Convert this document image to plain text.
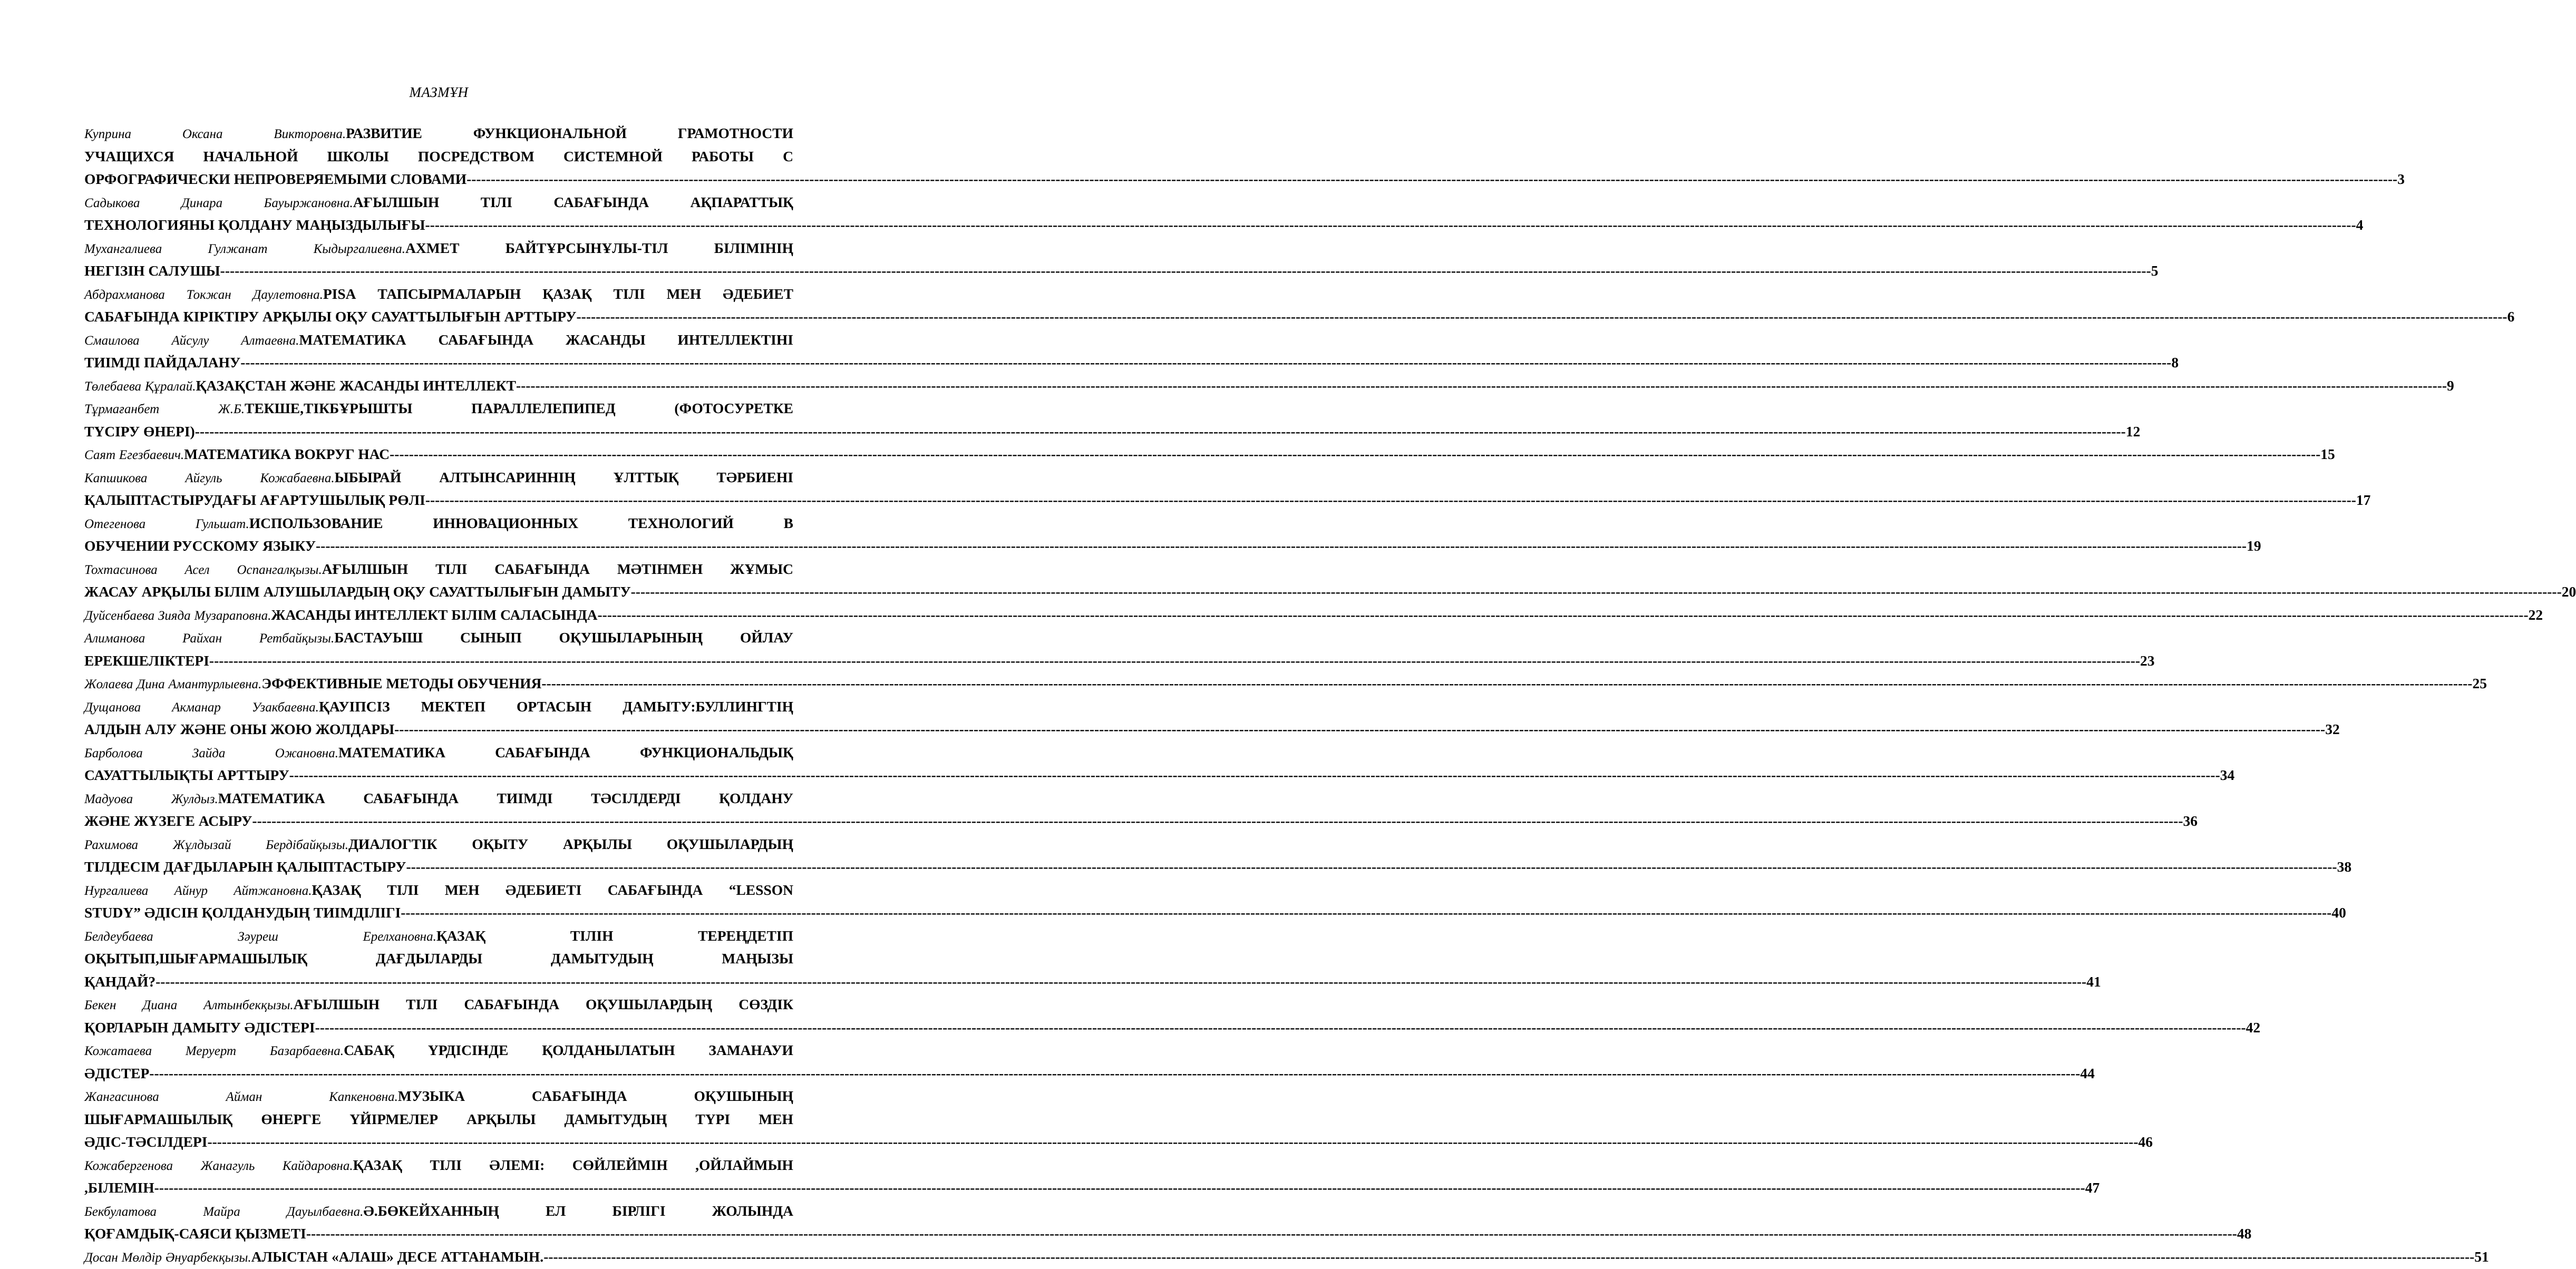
МАЗМҰН
Куприна	Оксана	Викторовна.РАЗВИТИЕ	ФУНКЦИОНАЛЬНОЙ	ГРАМОТНОСТИ
УЧАЩИХСЯ НАЧАЛЬНОЙ ШКОЛЫ ПОСРЕДСТВОМ СИСТЕМНОЙ РАБОТЫ С
ОРФОГРАФИЧЕСКИ НЕПРОВЕРЯЕМЫМИ СЛОВАМИ ---------------------------------------------------------------------------------------------------------------------------------------------------------------------------------------------------------------------------------------------------------------------------------------------------------------------------------------------------------------------------------------------------------------- 3
Садыкова	Динара	Бауыржановна.АҒЫЛШЫН	ТІЛІ	САБАҒЫНДА	АҚПАРАТТЫҚ
ТЕХНОЛОГИЯНЫ ҚОЛДАНУ МАҢЫЗДЫЛЫҒЫ ---------------------------------------------------------------------------------------------------------------------------------------------------------------------------------------------------------------------------------------------------------------------------------------------------------------------------------------------------------------------------------------------------------------- 4
Мухангалиева	Гулжанат	Кыдыргалиевна.АХМЕТ	БАЙТҰРСЫНҰЛЫ-ТІЛ	БІЛІМІНІҢ
НЕГІЗІН САЛУШЫ ---------------------------------------------------------------------------------------------------------------------------------------------------------------------------------------------------------------------------------------------------------------------------------------------------------------------------------------------------------------------------------------------------------------- 5
Абдрахманова Токжан Даулетовна.PISA ТАПСЫРМАЛАРЫН ҚАЗАҚ ТІЛІ МЕН ӘДЕБИЕТ
САБАҒЫНДА КІРІКТІРУ АРҚЫЛЫ ОҚУ САУАТТЫЛЫҒЫН АРТТЫРУ ---------------------------------------------------------------------------------------------------------------------------------------------------------------------------------------------------------------------------------------------------------------------------------------------------------------------------------------------------------------------------------------------------------------- 6
Смаилова Айсулу Алтаевна.МАТЕМАТИКА САБАҒЫНДА ЖАСАНДЫ ИНТЕЛЛЕКТІНІ
ТИІМДІ ПАЙДАЛАНУ ---------------------------------------------------------------------------------------------------------------------------------------------------------------------------------------------------------------------------------------------------------------------------------------------------------------------------------------------------------------------------------------------------------------- 8
Төлебаева Құралай.ҚАЗАҚСТАН ЖӘНЕ ЖАСАНДЫ ИНТЕЛЛЕКТ ---------------------------------------------------------------------------------------------------------------------------------------------------------------------------------------------------------------------------------------------------------------------------------------------------------------------------------------------------------------------------------------------------------------- 9
Тұрмағанбет	Ж.Б.ТЕКШЕ,ТІКБҰРЫШТЫ	ПАРАЛЛЕЛЕПИПЕД	(ФОТОСУРЕТКЕ
ТҮСІРУ ӨНЕРІ) ---------------------------------------------------------------------------------------------------------------------------------------------------------------------------------------------------------------------------------------------------------------------------------------------------------------------------------------------------------------------------------------------------------------- 12
Саят Егезбаевич.МАТЕМАТИКА ВОКРУГ НАС ---------------------------------------------------------------------------------------------------------------------------------------------------------------------------------------------------------------------------------------------------------------------------------------------------------------------------------------------------------------------------------------------------------------- 15
Капшикова	Айгуль	Кожабаевна.ЫБЫРАЙ	АЛТЫНСАРИННІҢ	ҰЛТТЫҚ	ТӘРБИЕНІ
ҚАЛЫПТАСТЫРУДАҒЫ АҒАРТУШЫЛЫҚ РӨЛІ ---------------------------------------------------------------------------------------------------------------------------------------------------------------------------------------------------------------------------------------------------------------------------------------------------------------------------------------------------------------------------------------------------------------- 17
Отегенова	Гульшат.ИСПОЛЬЗОВАНИЕ	ИННОВАЦИОННЫХ	ТЕХНОЛОГИЙ	В
ОБУЧЕНИИ РУССКОМУ ЯЗЫКУ ---------------------------------------------------------------------------------------------------------------------------------------------------------------------------------------------------------------------------------------------------------------------------------------------------------------------------------------------------------------------------------------------------------------- 19
Тохтасинова Асел Оспангалқызы.АҒЫЛШЫН ТІЛІ САБАҒЫНДА МӘТІНМЕН ЖҰМЫС
ЖАСАУ АРҚЫЛЫ БІЛІМ АЛУШЫЛАРДЫҢ ОҚУ САУАТТЫЛЫҒЫН ДАМЫТУ ---------------------------------------------------------------------------------------------------------------------------------------------------------------------------------------------------------------------------------------------------------------------------------------------------------------------------------------------------------------------------------------------------------------- 20
Дуйсенбаева Зияда Музараповна.ЖАСАНДЫ ИНТЕЛЛЕКТ БІЛІМ САЛАСЫНДА ---------------------------------------------------------------------------------------------------------------------------------------------------------------------------------------------------------------------------------------------------------------------------------------------------------------------------------------------------------------------------------------------------------------- 22
Алиманова	Райхан	Ретбайқызы.БАСТАУЫШ	СЫНЫП	ОҚУШЫЛАРЫНЫҢ	ОЙЛАУ
ЕРЕКШЕЛІКТЕРІ ---------------------------------------------------------------------------------------------------------------------------------------------------------------------------------------------------------------------------------------------------------------------------------------------------------------------------------------------------------------------------------------------------------------- 23
Жолаева Дина Амантурлыевна.ЭФФЕКТИВНЫЕ МЕТОДЫ ОБУЧЕНИЯ ---------------------------------------------------------------------------------------------------------------------------------------------------------------------------------------------------------------------------------------------------------------------------------------------------------------------------------------------------------------------------------------------------------------- 25
Дущанова Акманар Узакбаевна.ҚАУІПСІЗ МЕКТЕП ОРТАСЫН ДАМЫТУ:БУЛЛИНГТІҢ
АЛДЫН АЛУ ЖӘНЕ ОНЫ ЖОЮ ЖОЛДАРЫ ---------------------------------------------------------------------------------------------------------------------------------------------------------------------------------------------------------------------------------------------------------------------------------------------------------------------------------------------------------------------------------------------------------------- 32
Барболова	Зайда	Ожановна.МАТЕМАТИКА	САБАҒЫНДА	ФУНКЦИОНАЛЬДЫҚ
САУАТТЫЛЫҚТЫ АРТТЫРУ ---------------------------------------------------------------------------------------------------------------------------------------------------------------------------------------------------------------------------------------------------------------------------------------------------------------------------------------------------------------------------------------------------------------- 34
Мадуова	Жулдыз.МАТЕМАТИКА	САБАҒЫНДА	ТИІМДІ	ТӘСІЛДЕРДІ	ҚОЛДАНУ
ЖӘНЕ ЖҮЗЕГЕ АСЫРУ ---------------------------------------------------------------------------------------------------------------------------------------------------------------------------------------------------------------------------------------------------------------------------------------------------------------------------------------------------------------------------------------------------------------- 36
Рахимова	Жұлдызай	Бердібайқызы.ДИАЛОГТІК ОҚЫТУ АРҚЫЛЫ ОҚУШЫЛАРДЫҢ
ТІЛДЕСІМ ДАҒДЫЛАРЫН ҚАЛЫПТАСТЫРУ ---------------------------------------------------------------------------------------------------------------------------------------------------------------------------------------------------------------------------------------------------------------------------------------------------------------------------------------------------------------------------------------------------------------- 38
Нургалиева Айнур Айтжановна.ҚАЗАҚ ТІЛІ МЕН ӘДЕБИЕТІ САБАҒЫНДА “LESSON
STUDY” ӘДІСІН ҚОЛДАНУДЫҢ ТИІМДІЛІГІ ---------------------------------------------------------------------------------------------------------------------------------------------------------------------------------------------------------------------------------------------------------------------------------------------------------------------------------------------------------------------------------------------------------------- 40
Белдеубаева	Зәуреш	Ерелхановна.ҚАЗАҚ	ТІЛІН	ТЕРЕҢДЕТІП
ОҚЫТЫП,ШЫҒАРМАШЫЛЫҚ	ДАҒДЫЛАРДЫ	ДАМЫТУДЫҢ	МАҢЫЗЫ
ҚАНДАЙ? ---------------------------------------------------------------------------------------------------------------------------------------------------------------------------------------------------------------------------------------------------------------------------------------------------------------------------------------------------------------------------------------------------------------- 41
Бекен Диана Алтынбекқызы.АҒЫЛШЫН ТІЛІ САБАҒЫНДА ОҚУШЫЛАРДЫҢ СӨЗДІК
ҚОРЛАРЫН ДАМЫТУ ӘДІСТЕРІ ---------------------------------------------------------------------------------------------------------------------------------------------------------------------------------------------------------------------------------------------------------------------------------------------------------------------------------------------------------------------------------------------------------------- 42
Кожатаева	Меруерт	Базарбаевна.САБАҚ ҮРДІСІНДЕ ҚОЛДАНЫЛАТЫН ЗАМАНАУИ
ӘДІСТЕР ---------------------------------------------------------------------------------------------------------------------------------------------------------------------------------------------------------------------------------------------------------------------------------------------------------------------------------------------------------------------------------------------------------------- 44
Жангасинова	Айман	Капкеновна.МУЗЫКА	САБАҒЫНДА	ОҚУШЫНЫҢ
ШЫҒАРМАШЫЛЫҚ ӨНЕРГЕ ҮЙІРМЕЛЕР АРҚЫЛЫ ДАМЫТУДЫҢ ТҮРІ МЕН
ӘДІС-ТӘСІЛДЕРІ ---------------------------------------------------------------------------------------------------------------------------------------------------------------------------------------------------------------------------------------------------------------------------------------------------------------------------------------------------------------------------------------------------------------- 46
Кожабергенова Жанагуль Кайдаровна.ҚАЗАҚ ТІЛІ ӘЛЕМІ: СӨЙЛЕЙМІН ,ОЙЛАЙМЫН
,БІЛЕМІН ---------------------------------------------------------------------------------------------------------------------------------------------------------------------------------------------------------------------------------------------------------------------------------------------------------------------------------------------------------------------------------------------------------------- 47
Бекбулатова	Майра	Дауылбаевна.Ә.БӨКЕЙХАННЫҢ	ЕЛ	БІРЛІГІ	ЖОЛЫНДА
ҚОҒАМДЫҚ-САЯСИ ҚЫЗМЕТІ ---------------------------------------------------------------------------------------------------------------------------------------------------------------------------------------------------------------------------------------------------------------------------------------------------------------------------------------------------------------------------------------------------------------- 48
Досан Мөлдір Әнуарбекқызы.АЛЫСТАН «АЛАШ» ДЕСЕ АТТАНАМЫН. ---------------------------------------------------------------------------------------------------------------------------------------------------------------------------------------------------------------------------------------------------------------------------------------------------------------------------------------------------------------------------------------------------------------- 51
